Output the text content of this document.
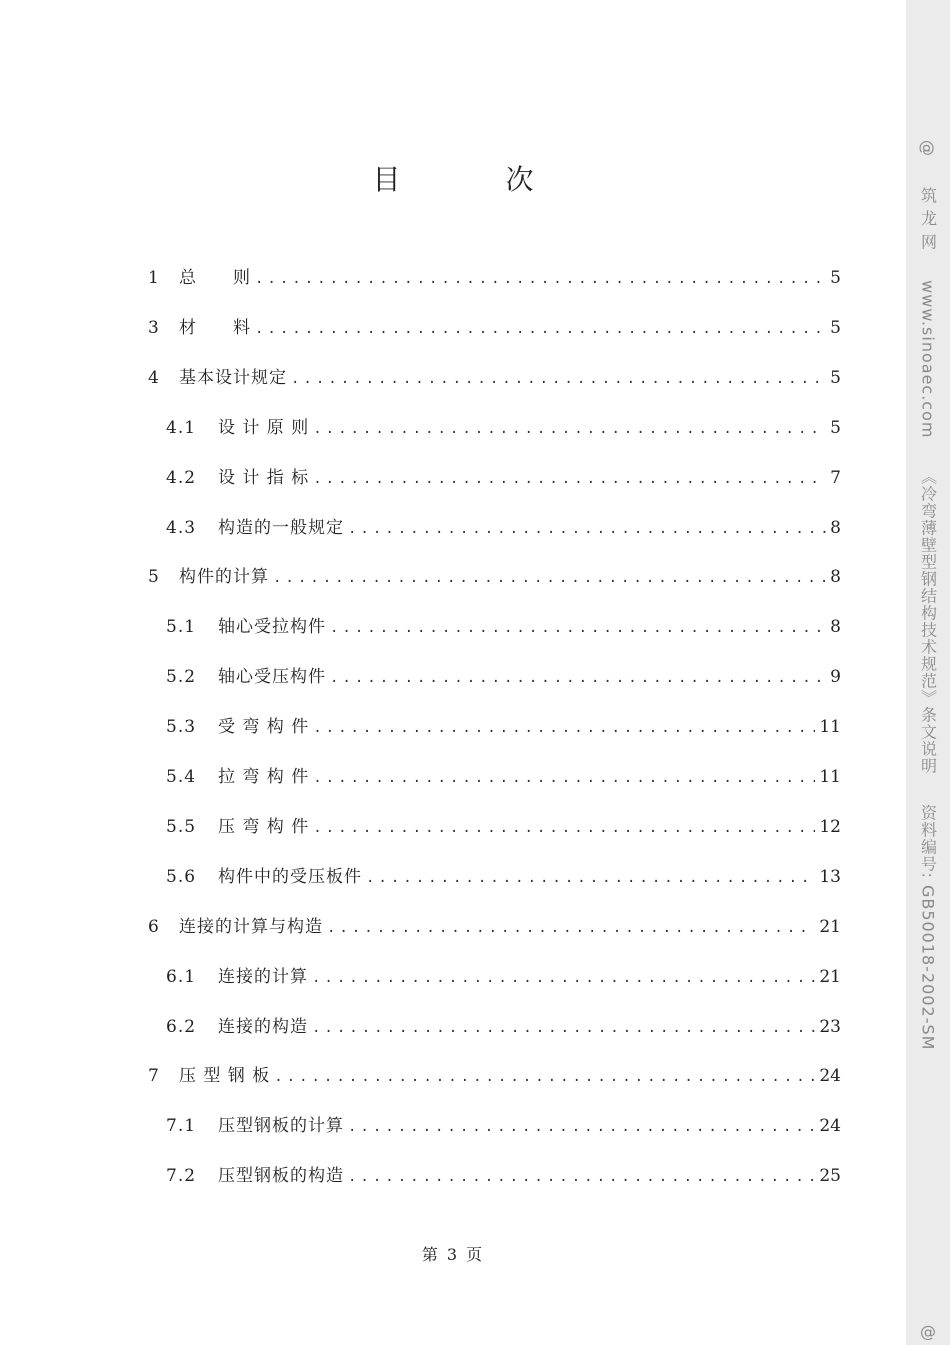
目 次
1	总　　则 .....	5
3	材　　料 .....	5
4	基本设计规定 .....	5
4.1	设 计 原 则 .....	5
4.2	设 计 指 标 .....	7
4.3	构造的一般规定 .....	8
5	构件的计算 .....	8
5.1	轴心受拉构件 .....	8
5.2	轴心受压构件 .....	9
5.3	受 弯 构 件 .....	11
5.4	拉 弯 构 件 .....	11
5.5	压 弯 构 件 .....	12
5.6	构件中的受压板件 .....	13
6	连接的计算与构造 .....	21
6.1	连接的计算 .....	21
6.2	连接的构造 .....	23
7	压 型 钢 板 .....	24
7.1	压型钢板的计算 .....	24
7.2	压型钢板的构造 .....	25
第 3 页
@筑 龙 网www.sinoaec.com《冷弯薄壁型钢结构技术规范》条文说明资料编号: GB50018-2002-SM
@
